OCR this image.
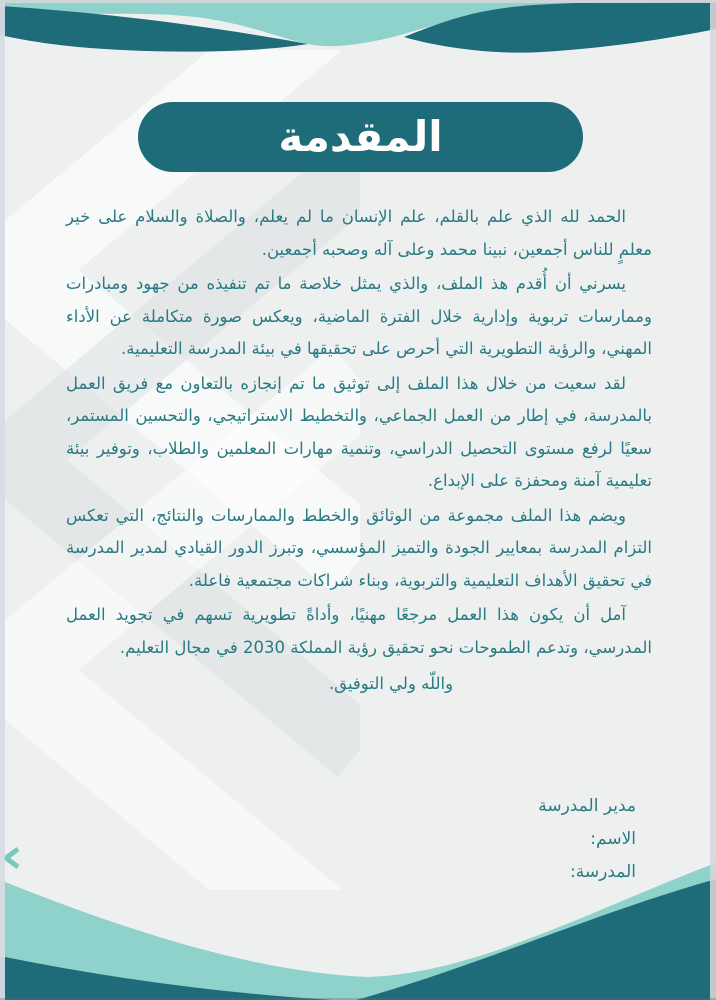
المقدمة

الحمد لله الذي علم بالقلم، علم الإنسان ما لم يعلم، والصلاة والسلام على خير معلمٍ للناس أجمعين، نبينا محمد وعلى آله وصحبه أجمعين.

يسرني أن أُقدم هذ الملف، والذي يمثل خلاصة ما تم تنفيذه من جهود ومبادرات وممارسات تربوية وإدارية خلال الفترة الماضية، ويعكس صورة متكاملة عن الأداء المهني، والرؤية التطويرية التي أحرص على تحقيقها في بيئة المدرسة التعليمية.

لقد سعيت من خلال هذا الملف إلى توثيق ما تم إنجازه بالتعاون مع فريق العمل بالمدرسة، في إطار من العمل الجماعي، والتخطيط الاستراتيجي، والتحسين المستمر، سعيًا لرفع مستوى التحصيل الدراسي، وتنمية مهارات المعلمين والطلاب، وتوفير بيئة تعليمية آمنة ومحفزة على الإبداع.

ويضم هذا الملف مجموعة من الوثائق والخطط والممارسات والنتائج، التي تعكس التزام المدرسة بمعايير الجودة والتميز المؤسسي، وتبرز الدور القيادي لمدير المدرسة في تحقيق الأهداف التعليمية والتربوية، وبناء شراكات مجتمعية فاعلة.

آمل أن يكون هذا العمل مرجعًا مهنيًا، وأداةً تطويرية تسهم في تجويد العمل المدرسي، وتدعم الطموحات نحو تحقيق رؤية المملكة 2030 في مجال التعليم.

واللّه ولي التوفيق.
مدير المدرسة
الاسم:
المدرسة:
